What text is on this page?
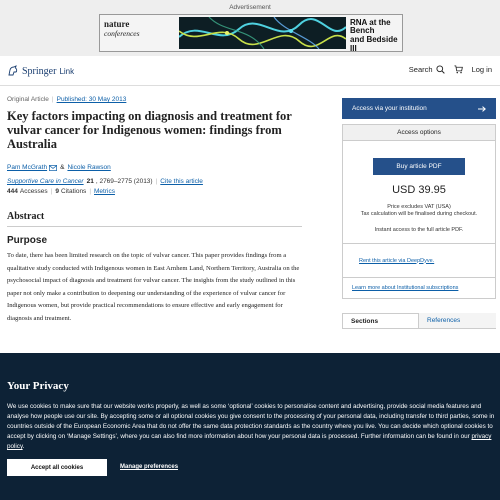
Advertisement
nature
conferences
RNA at the Bench
and Bedside III
Springer Link	Search	Log in
Original Article | Published: 30 May 2013
Key factors impacting on diagnosis and treatment for vulvar cancer for Indigenous women: findings from Australia
Pam McGrath & Nicole Rawson
Supportive Care in Cancer 21 , 2769–2775 (2013) | Cite this article
444 Accesses | 9 Citations | Metrics
Abstract
Purpose

To date, there has been limited research on the topic of vulvar cancer. This paper provides findings from a qualitative study conducted with Indigenous women in East Arnhem Land, Northern Territory, Australia on the psychosocial impact of diagnosis and treatment for vulvar cancer. The insights from the study outlined in this paper not only make a contribution to deepening our understanding of the experience of vulvar cancer for Indigenous women, but provide practical recommendations to ensure effective and early engagement for diagnosis and treatment.

Access via your institution
Access options
Buy article PDF
USD 39.95
Price excludes VAT (USA)
Tax calculation will be finalised during checkout.
Instant access to the full article PDF.
Rent this article via DeepDyve.
Learn more about Institutional subscriptions
Sections	References
Your Privacy

We use cookies to make sure that our website works properly, as well as some ‘optional’ cookies to personalise content and advertising, provide social media features and analyse how people use our site. By accepting some or all optional cookies you give consent to the processing of your personal data, including transfer to third parties, some in countries outside of the European Economic Area that do not offer the same data protection standards as the country where you live. You can decide which optional cookies to accept by clicking on ‘Manage Settings’, where you can also find more information about how your personal data is processed. Further information can be found in our privacy policy.

Accept all cookies	Manage preferences
